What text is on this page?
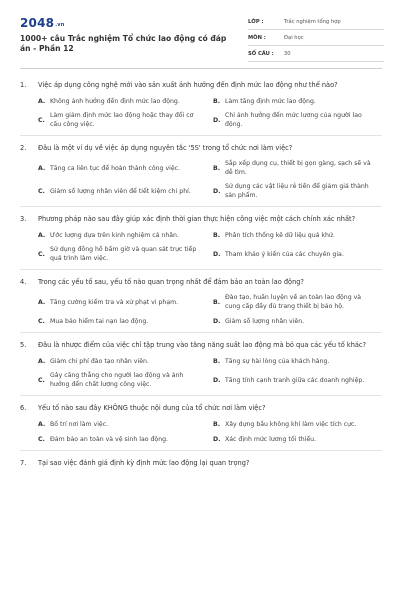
2048.vn
1000+ câu Trắc nghiệm Tổ chức lao động có đáp án - Phần 12
LỚP :	Trắc nghiệm tổng hợp
MÔN :	Đại học
SỐ CÂU :	30
1.	Việc áp dụng công nghệ mới vào sản xuất ảnh hưởng đến định mức lao động như thế nào?
A. Không ảnh hưởng đến định mức lao động.	B. Làm tăng định mức lao động.
C.
Làm giảm định mức lao động hoặc thay đổi cơ cấu công việc.
D.
Chỉ ảnh hưởng đến mức lương của người lao động.
2.	Đâu là một ví dụ về việc áp dụng nguyên tắc '5S' trong tổ chức nơi làm việc?
A. Tăng ca liên tục để hoàn thành công việc.	B.
Sắp xếp dụng cụ, thiết bị gọn gàng, sạch sẽ và dễ tìm.
C. Giảm số lượng nhân viên để tiết kiệm chi phí.	D.
Sử dụng các vật liệu rẻ tiền để giảm giá thành sản phẩm.
3.	Phương pháp nào sau đây giúp xác định thời gian thực hiện công việc một cách chính xác nhất?
A. Ước lượng dựa trên kinh nghiệm cá nhân.	B. Phân tích thống kê dữ liệu quá khứ.
C.
Sử dụng đồng hồ bấm giờ và quan sát trực tiếp quá trình làm việc.
D. Tham khảo ý kiến của các chuyên gia.
4.	Trong các yếu tố sau, yếu tố nào quan trọng nhất để đảm bảo an toàn lao động?
A. Tăng cường kiểm tra và xử phạt vi phạm.	B.
Đào tạo, huấn luyện về an toàn lao động và cung cấp đầy đủ trang thiết bị bảo hộ.
C. Mua bảo hiểm tai nạn lao động.	D. Giảm số lượng nhân viên.
5.	Đâu là nhược điểm của việc chỉ tập trung vào tăng năng suất lao động mà bỏ qua các yếu tố khác?
A. Giảm chi phí đào tạo nhân viên.	B. Tăng sự hài lòng của khách hàng.
C.
Gây căng thẳng cho người lao động và ảnh hưởng đến chất lượng công việc.
D. Tăng tính cạnh tranh giữa các doanh nghiệp.
6.	Yếu tố nào sau đây KHÔNG thuộc nội dung của tổ chức nơi làm việc?
A. Bố trí nơi làm việc.	B. Xây dựng bầu không khí làm việc tích cực.
C. Đảm bảo an toàn và vệ sinh lao động.	D. Xác định mức lương tối thiểu.
7.	Tại sao việc đánh giá định kỳ định mức lao động lại quan trọng?
